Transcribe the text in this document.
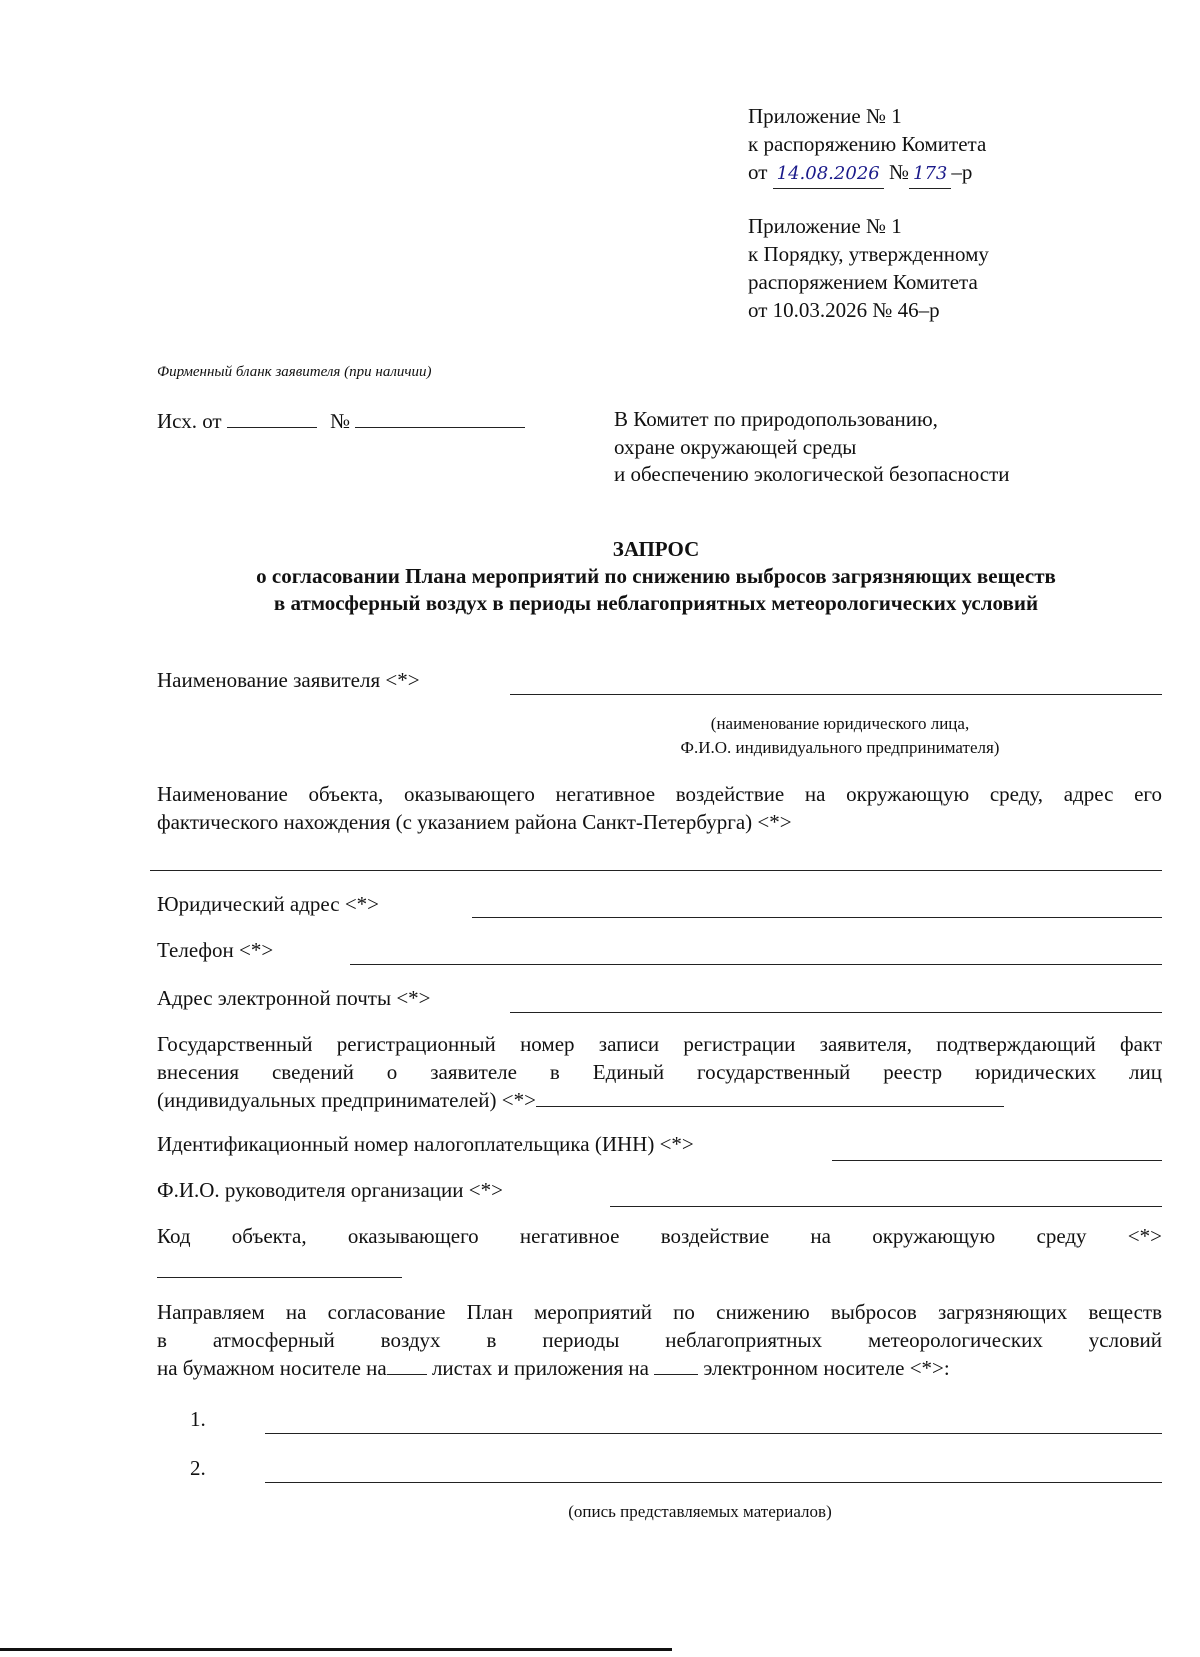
Приложение № 1
к распоряжению Комитета
от 14.08.2026 № 173 –р
Приложение № 1
к Порядку, утвержденному
распоряжением Комитета
от 10.03.2026 № 46–р
Фирменный бланк заявителя (при наличии)
Исх. от	№	В Комитет по природопользованию,
охране окружающей среды
и обеспечению экологической безопасности
ЗАПРОС
о согласовании Плана мероприятий по снижению выбросов загрязняющих веществ
в атмосферный воздух в периоды неблагоприятных метеорологических условий
Наименование заявителя <*>
(наименование юридического лица,
Ф.И.О. индивидуального предпринимателя)
Наименование объекта, оказывающего негативное воздействие на окружающую среду, адрес его
фактического нахождения (с указанием района Санкт-Петербурга) <*>
Юридический адрес <*>
Телефон <*>
Адрес электронной почты <*>
Государственный регистрационный номер записи регистрации заявителя, подтверждающий факт
внесения сведений о заявителе в Единый государственный реестр юридических лиц
(индивидуальных предпринимателей) <*>
Идентификационный номер налогоплательщика (ИНН) <*>
Ф.И.О. руководителя организации <*>
Код объекта, оказывающего негативное воздействие на окружающую среду <*>
Направляем на согласование План мероприятий по снижению выбросов загрязняющих веществ
в атмосферный воздух в периоды неблагоприятных метеорологических условий
на бумажном носителе на листах и приложения на	электронном носителе <*>:
1.
2.
(опись представляемых материалов)
